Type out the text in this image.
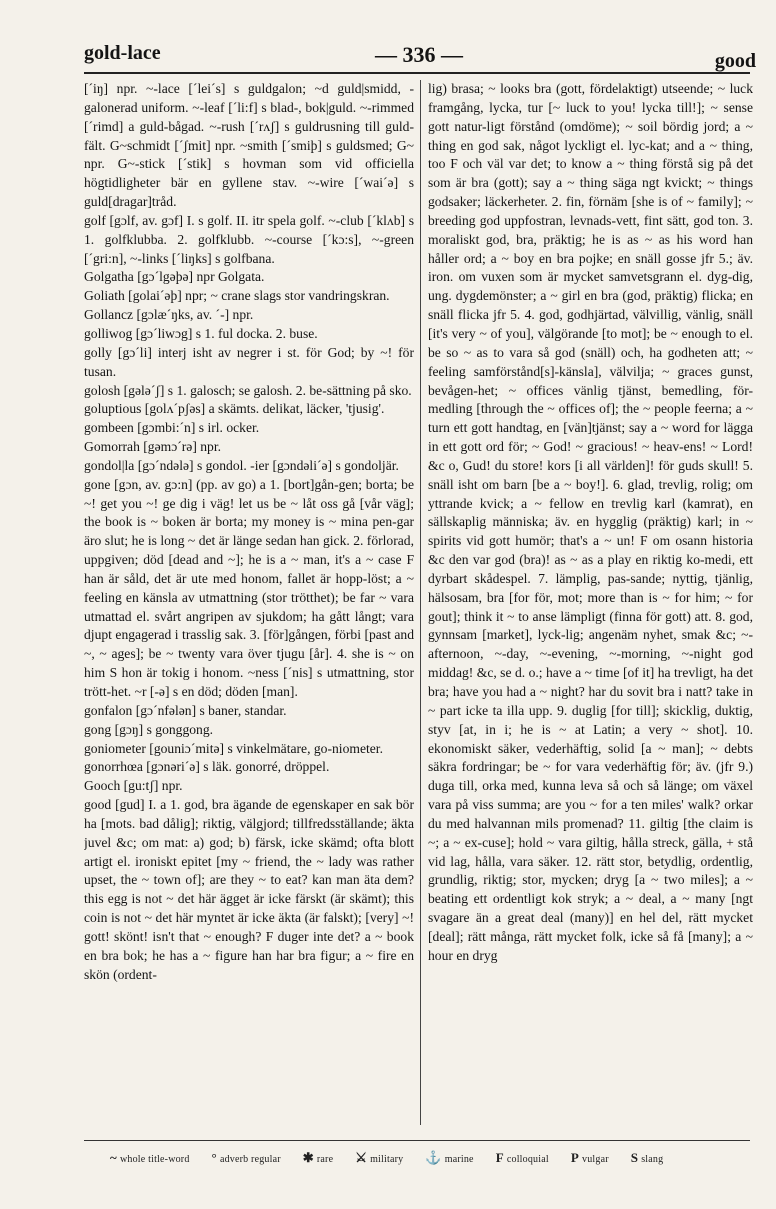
gold-lace	— 336 —	good

[´iŋ] npr. ~-lace [´lei´s] s guldgalon; ~d guld|smidd, -galonerad uniform. ~-leaf [´li:f] s blad-, bok|guld. ~-rimmed [´rimd] a guld-bågad. ~-rush [´rʌʃ] s guldrusning till guld-fält. G~schmidt [´ʃmit] npr. ~smith [´smiþ] s guldsmed; G~ npr. G~-stick [´stik] s hovman som vid officiella högtidligheter bär en gyllene stav. ~-wire [´wai´ə] s guld[dragar]tråd.

golf [gɔlf, av. gɔf] I. s golf. II. itr spela golf. ~-club [´klʌb] s 1. golfklubba. 2. golfklubb. ~-course [´kɔ:s], ~-green [´gri:n], ~-links [´liŋks] s golfbana.

Golgatha [gɔ´lgəþə] npr Golgata.

Goliath [golai´əþ] npr; ~ crane slags stor vandringskran.

Gollancz [gɔlæ´ŋks, av. ´-] npr.

golliwog [gɔ´liwɔg] s 1. ful docka. 2. buse.

golly [gɔ´li] interj isht av negrer i st. för God; by ~! för tusan.

golosh [gələ´ʃ] s 1. galosch; se galosh. 2. be-sättning på sko.

goluptious [golʌ´pʃəs] a skämts. delikat, läcker, 'tjusig'.

gombeen [gɔmbi:´n] s irl. ocker.

Gomorrah [gəmɔ´rə] npr.

gondol|la [gɔ´ndələ] s gondol. -ier [gɔndəli´ə] s gondoljär.

gone [gɔn, av. gɔ:n] (pp. av go) a 1. [bort]gån-gen; borta; be ~! get you ~! ge dig i väg! let us be ~ låt oss gå [vår väg]; the book is ~ boken är borta; my money is ~ mina pen-gar äro slut; he is long ~ det är länge sedan han gick. 2. förlorad, uppgiven; död [dead and ~]; he is a ~ man, it's a ~ case F han är såld, det är ute med honom, fallet är hopp-löst; a ~ feeling en känsla av utmattning (stor trötthet); be far ~ vara utmattad el. svårt angripen av sjukdom; ha gått långt; vara djupt engagerad i trasslig sak. 3. [för]gången, förbi [past and ~, ~ ages]; be ~ twenty vara över tjugu [år]. 4. she is ~ on him S hon är tokig i honom. ~ness [´nis] s utmattning, stor trött-het. ~r [-ə] s en död; döden [man].

gonfalon [gɔ´nfələn] s baner, standar.

gong [gɔŋ] s gonggong.

goniometer [gouniɔ´mitə] s vinkelmätare, go-niometer.

gonorrhœa [gɔnəri´ə] s läk. gonorré, dröppel.

Gooch [gu:tʃ] npr.

good [gud] I. a 1. god, bra ägande de egenskaper en sak bör ha [mots. bad dålig]; riktig, välgjord; tillfredsställande; äkta juvel &c; om mat: a) god; b) färsk, icke skämd; ofta blott artigt el. ironiskt epitet [my ~ friend, the ~ lady was rather upset, the ~ town of]; are they ~ to eat? kan man äta dem? this egg is not ~ det här ägget är icke färskt (är skämt); this coin is not ~ det här myntet är icke äkta (är falskt); [very] ~! gott! skönt! isn't that ~ enough? F duger inte det? a ~ book en bra bok; he has a ~ figure han har bra figur; a ~ fire en skön (ordent-

lig) brasa; ~ looks bra (gott, fördelaktigt) utseende; ~ luck framgång, lycka, tur [~ luck to you! lycka till!]; ~ sense gott natur-ligt förstånd (omdöme); ~ soil bördig jord; a ~ thing en god sak, något lyckligt el. lyc-kat; and a ~ thing, too F och väl var det; to know a ~ thing förstå sig på det som är bra (gott); say a ~ thing säga ngt kvickt; ~ things godsaker; läckerheter. 2. fin, förnäm [she is of ~ family]; ~ breeding god uppfostran, levnads-vett, fint sätt, god ton. 3. moraliskt god, bra, präktig; he is as ~ as his word han håller ord; a ~ boy en bra pojke; en snäll gosse jfr 5.; äv. iron. om vuxen som är mycket samvetsgrann el. dyg-dig, ung. dygdemönster; a ~ girl en bra (god, präktig) flicka; en snäll flicka jfr 5. 4. god, godhjärtad, välvillig, vänlig, snäll [it's very ~ of you], välgörande [to mot]; be ~ enough to el. be so ~ as to vara så god (snäll) och, ha godheten att; ~ feeling samförstånd[s]-känsla], välvilja; ~ graces gunst, bevågen-het; ~ offices vänlig tjänst, bemedling, för-medling [through the ~ offices of]; the ~ people feerna; a ~ turn ett gott handtag, en [vän]tjänst; say a ~ word for lägga in ett gott ord för; ~ God! ~ gracious! ~ heav-ens! ~ Lord! &c o, Gud! du store! kors [i all världen]! för guds skull! 5. snäll isht om barn [be a ~ boy!]. 6. glad, trevlig, rolig; om yttrande kvick; a ~ fellow en trevlig karl (kamrat), en sällskaplig människa; äv. en hygglig (präktig) karl; in ~ spirits vid gott humör; that's a ~ un! F om osann historia &c den var god (bra)! as ~ as a play en riktig ko-medi, ett dyrbart skådespel. 7. lämplig, pas-sande; nyttig, tjänlig, hälsosam, bra [for för, mot; more than is ~ for him; ~ for gout]; think it ~ to anse lämpligt (finna för gott) att. 8. god, gynnsam [market], lyck-lig; angenäm nyhet, smak &c; ~-afternoon, ~-day, ~-evening, ~-morning, ~-night god middag! &c, se d. o.; have a ~ time [of it] ha trevligt, ha det bra; have you had a ~ night? har du sovit bra i natt? take in ~ part icke ta illa upp. 9. duglig [for till]; skicklig, duktig, styv [at, in i; he is ~ at Latin; a very ~ shot]. 10. ekonomiskt säker, vederhäftig, solid [a ~ man]; ~ debts säkra fordringar; be ~ for vara vederhäftig för; äv. (jfr 9.) duga till, orka med, kunna leva så och så länge; om växel vara på viss summa; are you ~ for a ten miles' walk? orkar du med halvannan mils promenad? 11. giltig [the claim is ~; a ~ ex-cuse]; hold ~ vara giltig, hålla streck, gälla, + stå vid lag, hålla, vara säker. 12. rätt stor, betydlig, ordentlig, grundlig, riktig; stor, mycken; dryg [a ~ two miles]; a ~ beating ett ordentligt kok stryk; a ~ deal, a ~ many [ngt svagare än a great deal (many)] en hel del, rätt mycket [deal]; rätt många, rätt mycket folk, icke så få [many]; a ~ hour en dryg

~ whole title-word ° adverb regular ✱ rare ⚔ military ⚓ marine F colloquial P vulgar S slang
